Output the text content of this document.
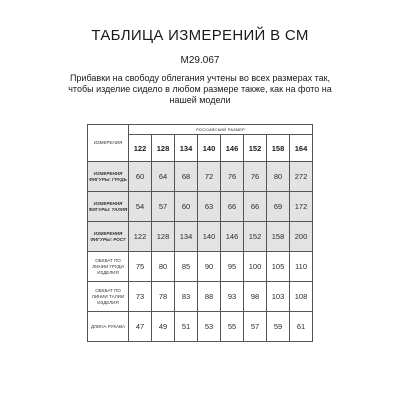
ТАБЛИЦА ИЗМЕРЕНИЙ В СМ
M29.067
Прибавки на свободу облегания учтены во всех размерах так, чтобы изделие сидело в любом размере также, как на фото на нашей модели
ИЗМЕРЕНИЯ	РОССИЙСКИЙ РАЗМЕР							
	122	128	134	140	146	152	158	164
ИЗМЕРЕНИЯ ФИГУРЫ: ГРУДЬ	60	64	68	72	76	76	80	272
ИЗМЕРЕНИЯ ФИГУРЫ: ТАЛИЯ	54	57	60	63	66	66	69	172
ИЗМЕРЕНИЯ ФИГУРЫ: РОСТ	122	128	134	140	146	152	158	200
ОБХВАТ ПО ЛИНИИ ГРУДИ ИЗДЕЛИЯ	75	80	85	90	95	100	105	110
ОБХВАТ ПО ЛИНИИ ТАЛИИ ИЗДЕЛИЯ	73	78	83	88	93	98	103	108
ДЛИНА РУКАВА	47	49	51	53	55	57	59	61
